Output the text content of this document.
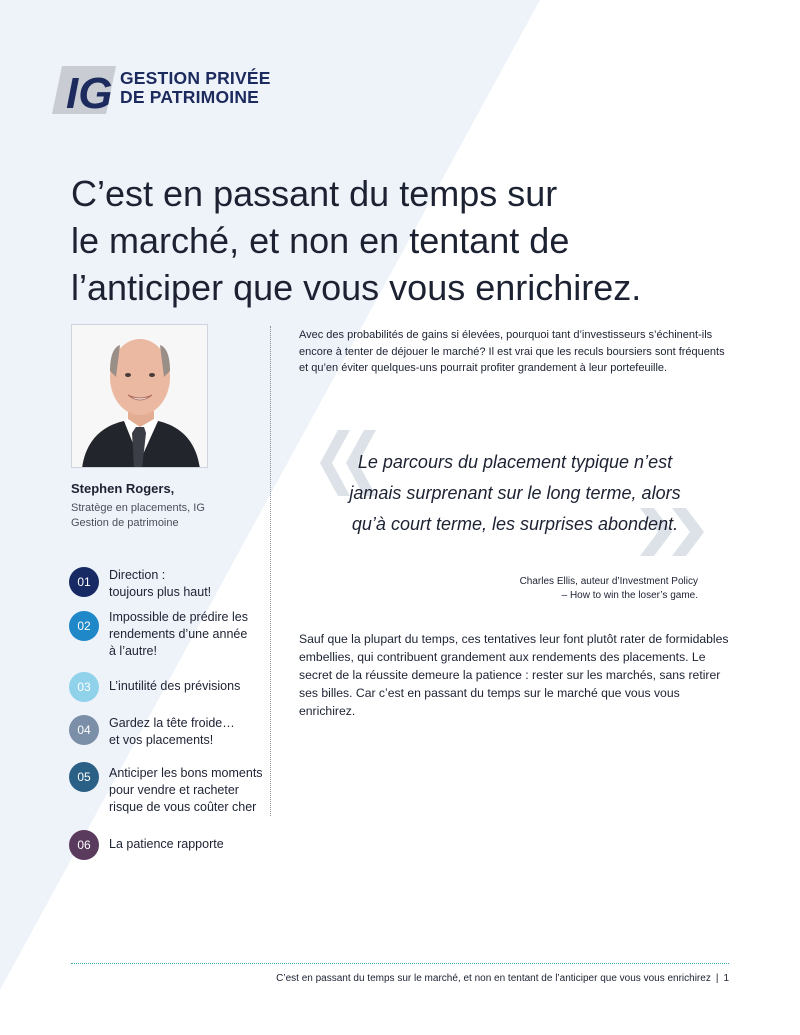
IG GESTION PRIVÉE
DE PATRIMOINE
C’est en passant du temps sur
le marché, et non en tentant de
l’anticiper que vous vous enrichirez.
Stephen Rogers,
Stratège en placements, IG
Gestion de patrimoine
01	Direction :
toujours plus haut!
02
Impossible de prédire les
rendements d’une année
à l’autre!
03	L’inutilité des prévisions
04	Gardez la tête froide…
et vos placements!
05	Anticiper les bons moments
pour vendre et racheter
risque de vous coûter cher
06	La patience rapporte

Avec des probabilités de gains si élevées, pourquoi tant d’investisseurs s’échinent-ils encore à tenter de déjouer le marché? Il est vrai que les reculs boursiers sont fréquents et qu’en éviter quelques-uns pourrait profiter grandement à leur portefeuille.

Le parcours du placement typique n’est
jamais surprenant sur le long terme, alors
qu’à court terme, les surprises abondent.
Charles Ellis, auteur d’Investment Policy
– How to win the loser’s game.

Sauf que la plupart du temps, ces tentatives leur font plutôt rater de formidables embellies, qui contribuent grandement aux rendements des placements. Le secret de la réussite demeure la patience : rester sur les marchés, sans retirer ses billes. Car c’est en passant du temps sur le marché que vous vous enrichirez.

C’est en passant du temps sur le marché, et non en tentant de l’anticiper que vous vous enrichirez | 1
